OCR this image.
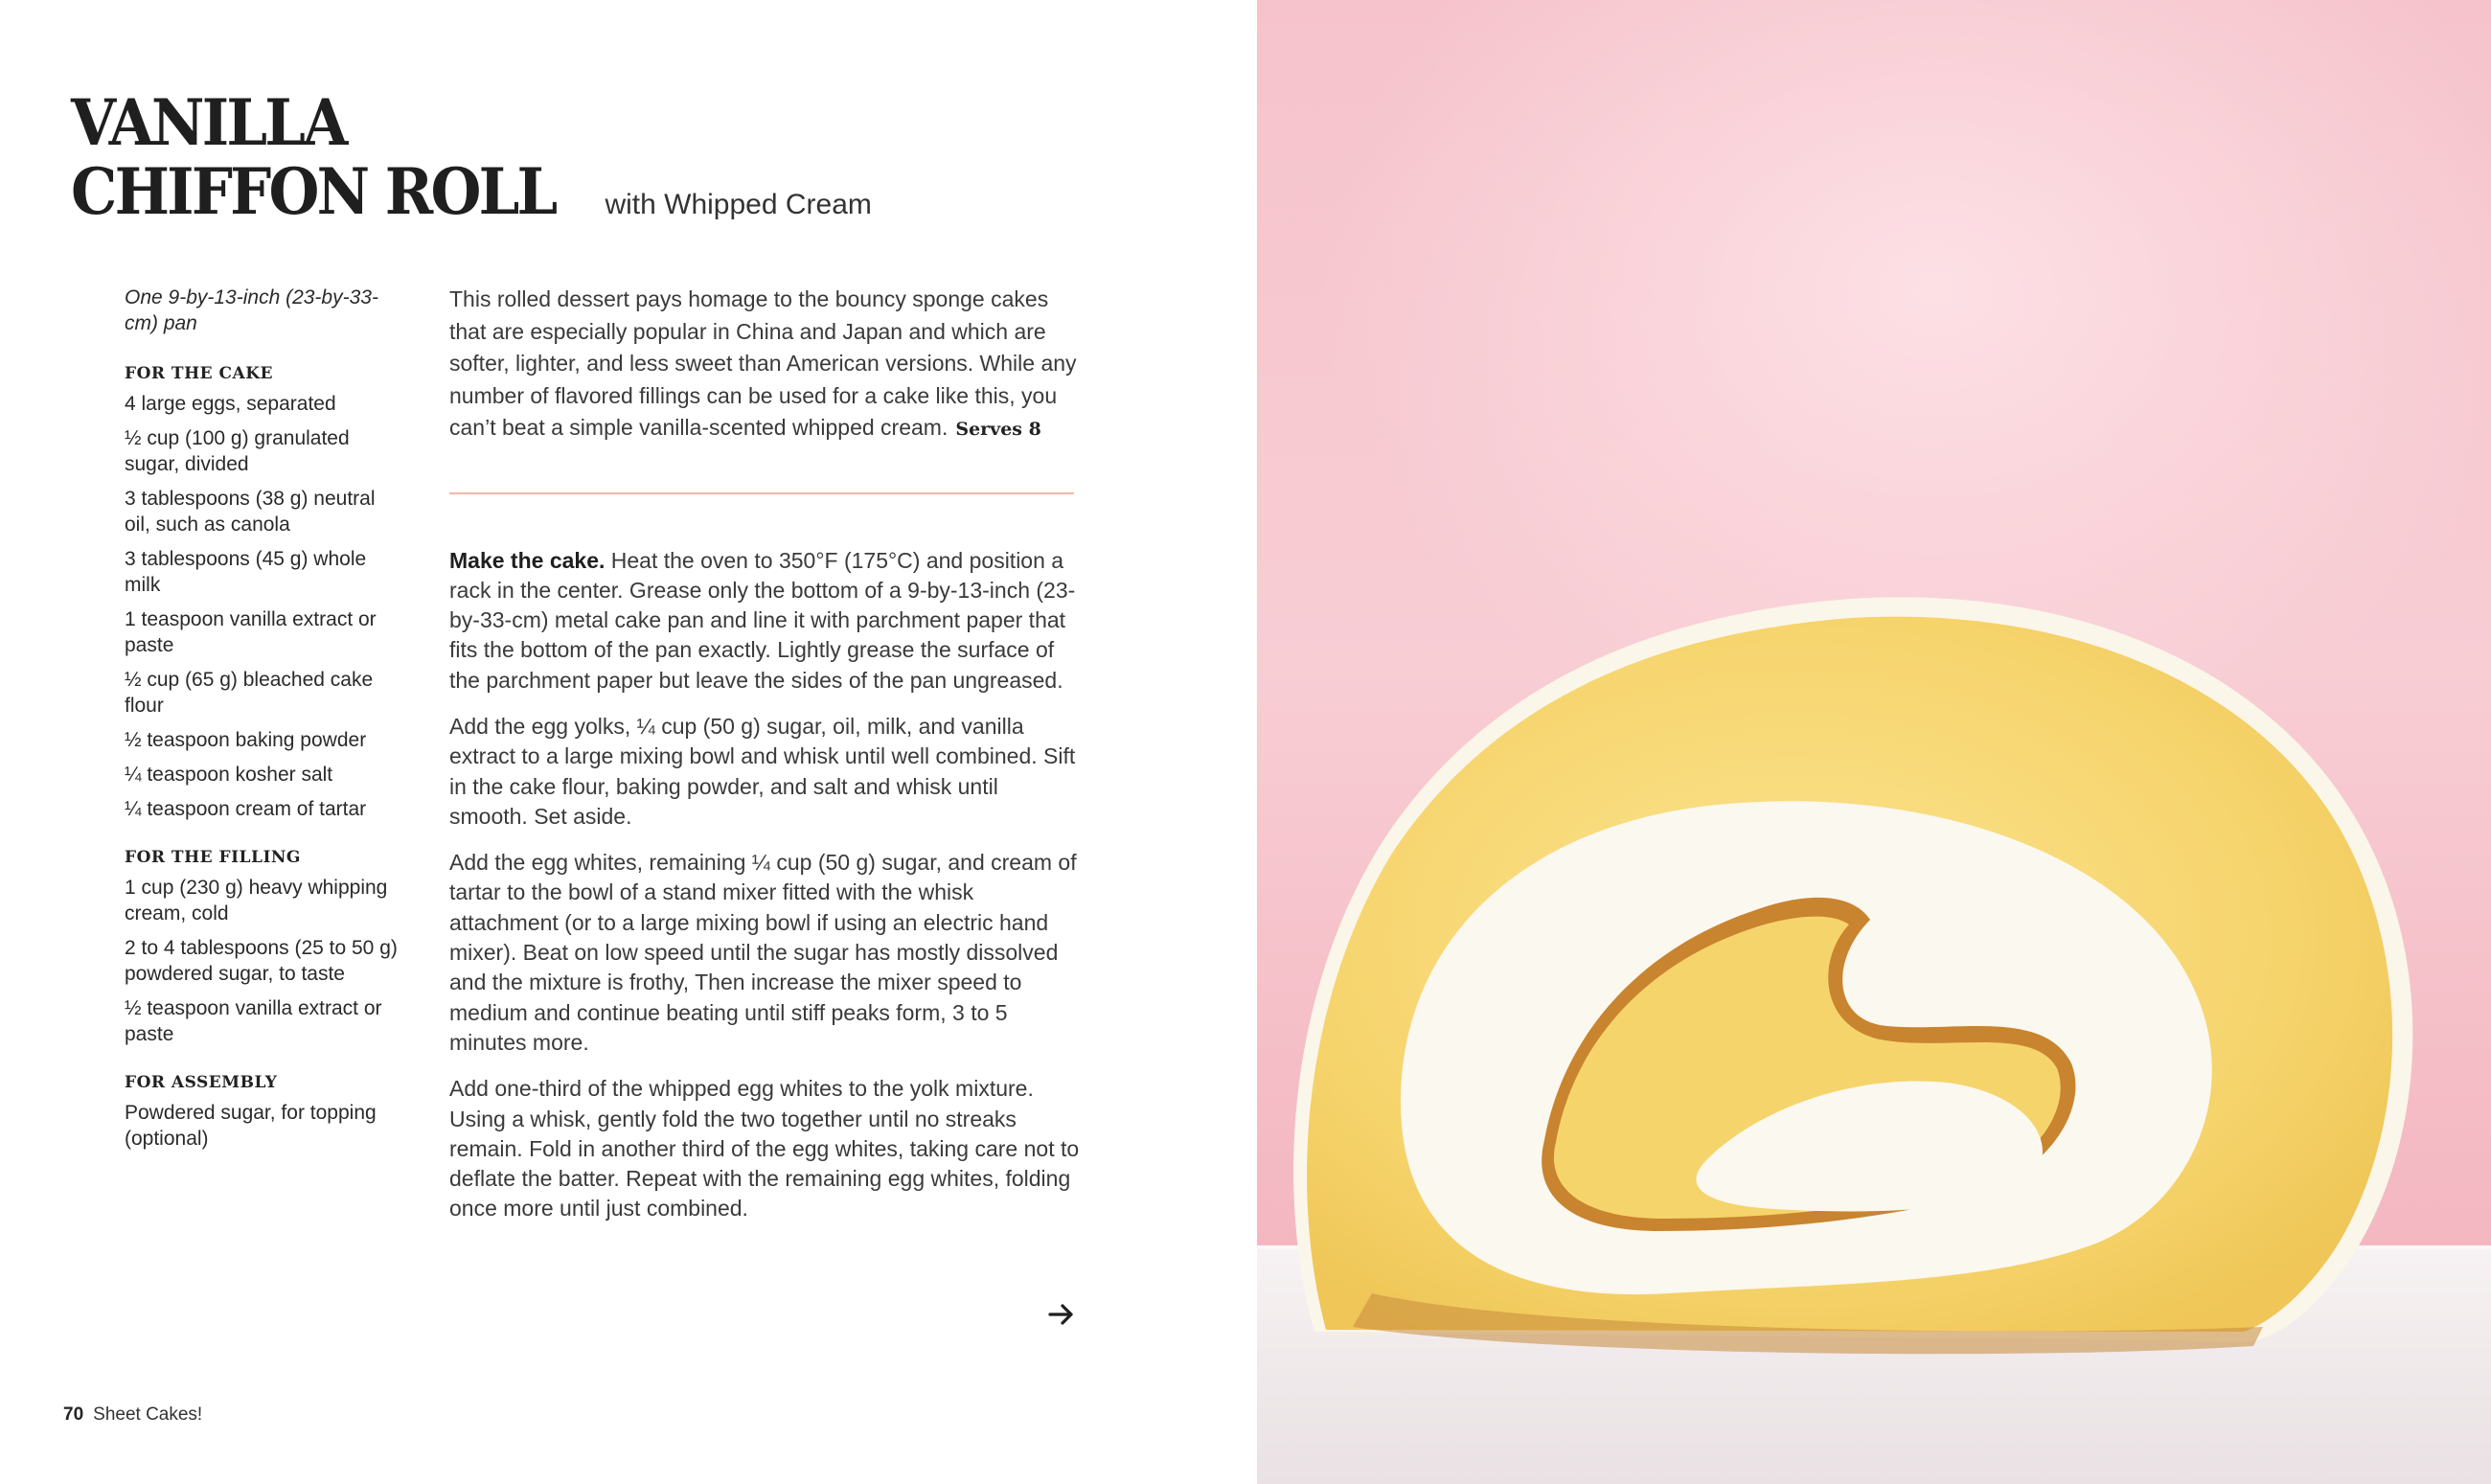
VANILLA
CHIFFON ROLL with Whipped Cream
One 9-by-13-inch (23-by-33-cm) pan
FOR THE CAKE
4 large eggs, separated
½ cup (100 g) granulated sugar, divided
3 tablespoons (38 g) neutral oil, such as canola
3 tablespoons (45 g) whole milk
1 teaspoon vanilla extract or paste
½ cup (65 g) bleached cake flour
½ teaspoon baking powder
¼ teaspoon kosher salt
¼ teaspoon cream of tartar
FOR THE FILLING
1 cup (230 g) heavy whipping cream, cold
2 to 4 tablespoons (25 to 50 g) powdered sugar, to taste
½ teaspoon vanilla extract or paste
FOR ASSEMBLY
Powdered sugar, for topping (optional)

This rolled dessert pays homage to the bouncy sponge cakes that are especially popular in China and Japan and which are softer, lighter, and less sweet than American versions. While any number of flavored fillings can be used for a cake like this, you can’t beat a simple vanilla-scented whipped cream. Serves 8

Make the cake. Heat the oven to 350°F (175°C) and position a rack in the center. Grease only the bottom of a 9-by-13-inch (23-by-33-cm) metal cake pan and line it with parchment paper that fits the bottom of the pan exactly. Lightly grease the surface of the parchment paper but leave the sides of the pan ungreased.

Add the egg yolks, ¼ cup (50 g) sugar, oil, milk, and vanilla extract to a large mixing bowl and whisk until well combined. Sift in the cake flour, baking powder, and salt and whisk until smooth. Set aside.

Add the egg whites, remaining ¼ cup (50 g) sugar, and cream of tartar to the bowl of a stand mixer fitted with the whisk attachment (or to a large mixing bowl if using an electric hand mixer). Beat on low speed until the sugar has mostly dissolved and the mixture is frothy, Then increase the mixer speed to medium and continue beating until stiff peaks form, 3 to 5 minutes more.

Add one-third of the whipped egg whites to the yolk mixture. Using a whisk, gently fold the two together until no streaks remain. Fold in another third of the egg whites, taking care not to deflate the batter. Repeat with the remaining egg whites, folding once more until just combined.

70 Sheet Cakes!
